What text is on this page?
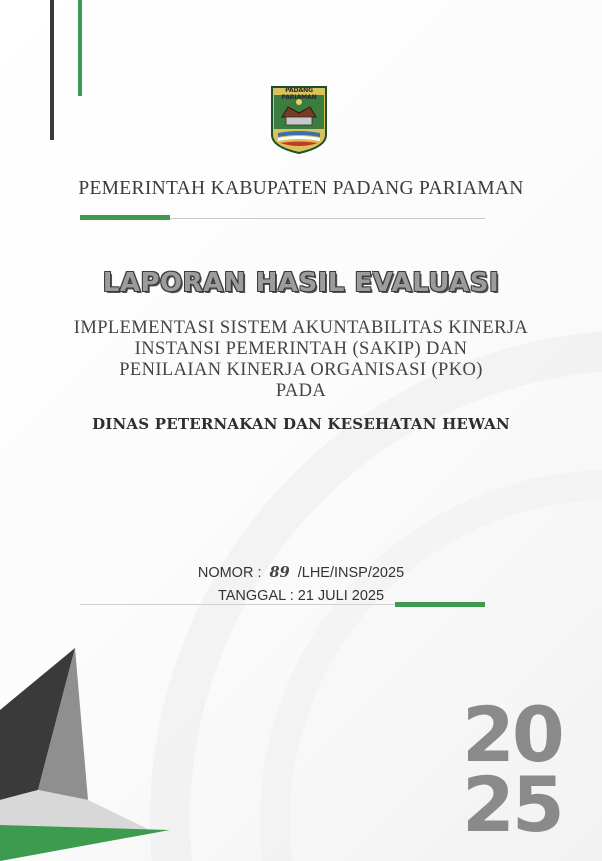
PADANG PARIAMAN
PEMERINTAH KABUPATEN PADANG PARIAMAN
LAPORAN HASIL EVALUASI
IMPLEMENTASI SISTEM AKUNTABILITAS KINERJA
INSTANSI PEMERINTAH (SAKIP) DAN
PENILAIAN KINERJA ORGANISASI (PKO)
PADA
DINAS PETERNAKAN DAN KESEHATAN HEWAN
NOMOR : 89 /LHE/INSP/2025
TANGGAL : 21 JULI 2025
20
25
